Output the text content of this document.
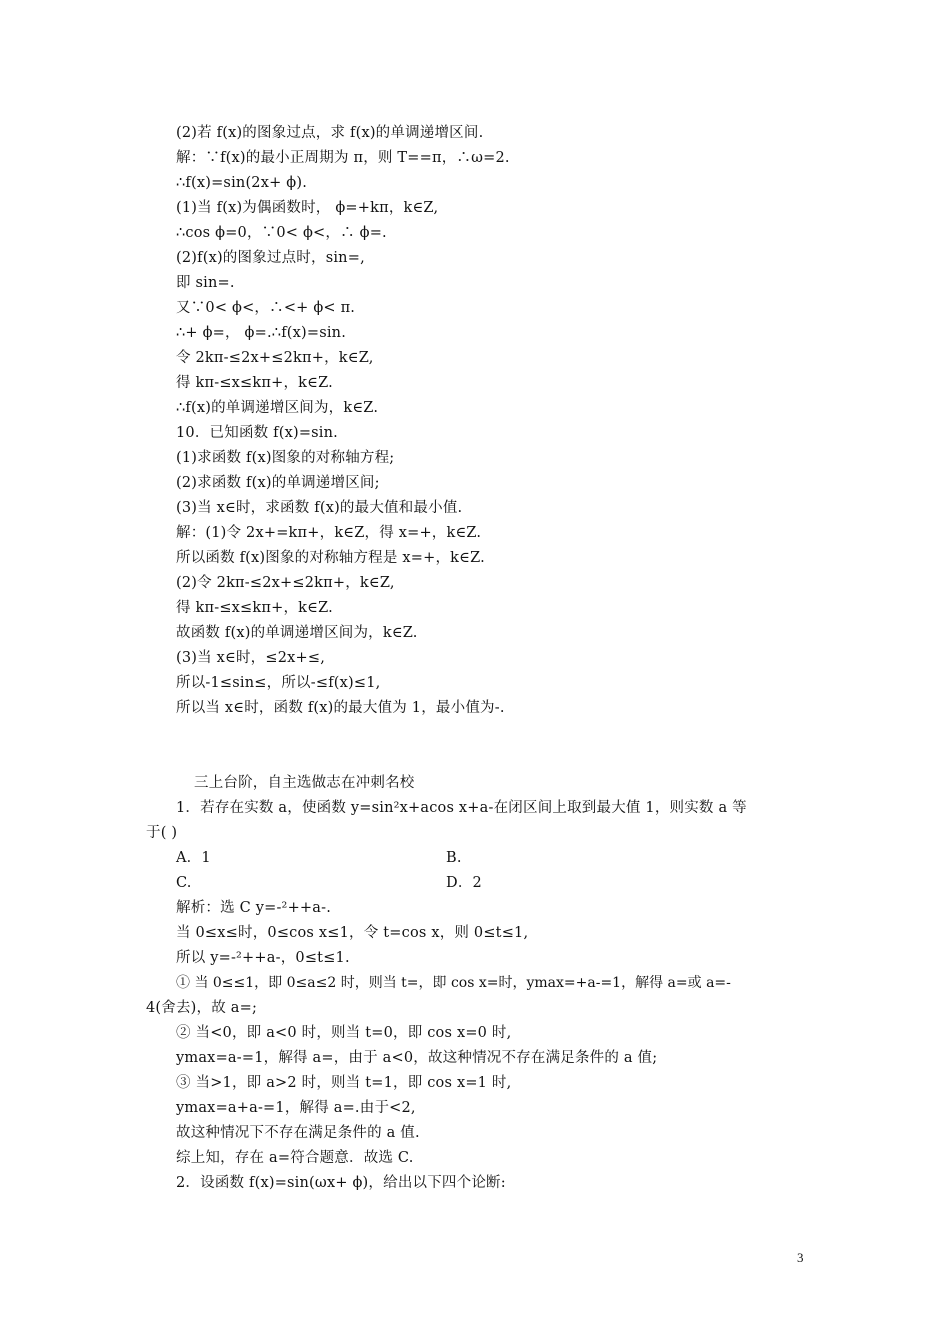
(2)若 f(x)的图象过点，求 f(x)的单调递增区间.
解：∵f(x)的最小正周期为 π，则 T==π，∴ω=2.
∴f(x)=sin(2x+ ϕ).
(1)当 f(x)为偶函数时， ϕ=+kπ，k∈Z,
∴cos ϕ=0，∵0< ϕ<，∴ ϕ=.
(2)f(x)的图象过点时，sin=,
即 sin=.
又∵0< ϕ<，∴<+ ϕ< π.
∴+ ϕ=， ϕ=.∴f(x)=sin.
令 2kπ-≤2x+≤2kπ+，k∈Z,
得 kπ-≤x≤kπ+，k∈Z.
∴f(x)的单调递增区间为，k∈Z.
10．已知函数 f(x)=sin.
(1)求函数 f(x)图象的对称轴方程;
(2)求函数 f(x)的单调递增区间;
(3)当 x∈时，求函数 f(x)的最大值和最小值.
解：(1)令 2x+=kπ+，k∈Z，得 x=+，k∈Z.
所以函数 f(x)图象的对称轴方程是 x=+，k∈Z.
(2)令 2kπ-≤2x+≤2kπ+，k∈Z,
得 kπ-≤x≤kπ+，k∈Z.
故函数 f(x)的单调递增区间为，k∈Z.
(3)当 x∈时，≤2x+≤,
所以-1≤sin≤，所以-≤f(x)≤1,
所以当 x∈时，函数 f(x)的最大值为 1，最小值为-.
三上台阶，自主选做志在冲刺名校
1．若存在实数 a，使函数 y=sin²x+acos x+a-在闭区间上取到最大值 1，则实数 a 等
于( )
A．1	B.
C.	D．2
解析：选 C y=-²++a-.
当 0≤x≤时，0≤cos x≤1，令 t=cos x，则 0≤t≤1,
所以 y=-²++a-，0≤t≤1.
① 当 0≤≤1，即 0≤a≤2 时，则当 t=，即 cos x=时，ymax=+a-=1，解得 a=或 a=-
4(舍去)，故 a=;
② 当<0，即 a<0 时，则当 t=0，即 cos x=0 时,
ymax=a-=1，解得 a=，由于 a<0，故这种情况不存在满足条件的 a 值;
③ 当>1，即 a>2 时，则当 t=1，即 cos x=1 时,
ymax=a+a-=1，解得 a=.由于<2,
故这种情况下不存在满足条件的 a 值.
综上知，存在 a=符合题意．故选 C.
2．设函数 f(x)=sin(ωx+ ϕ)，给出以下四个论断:
3
